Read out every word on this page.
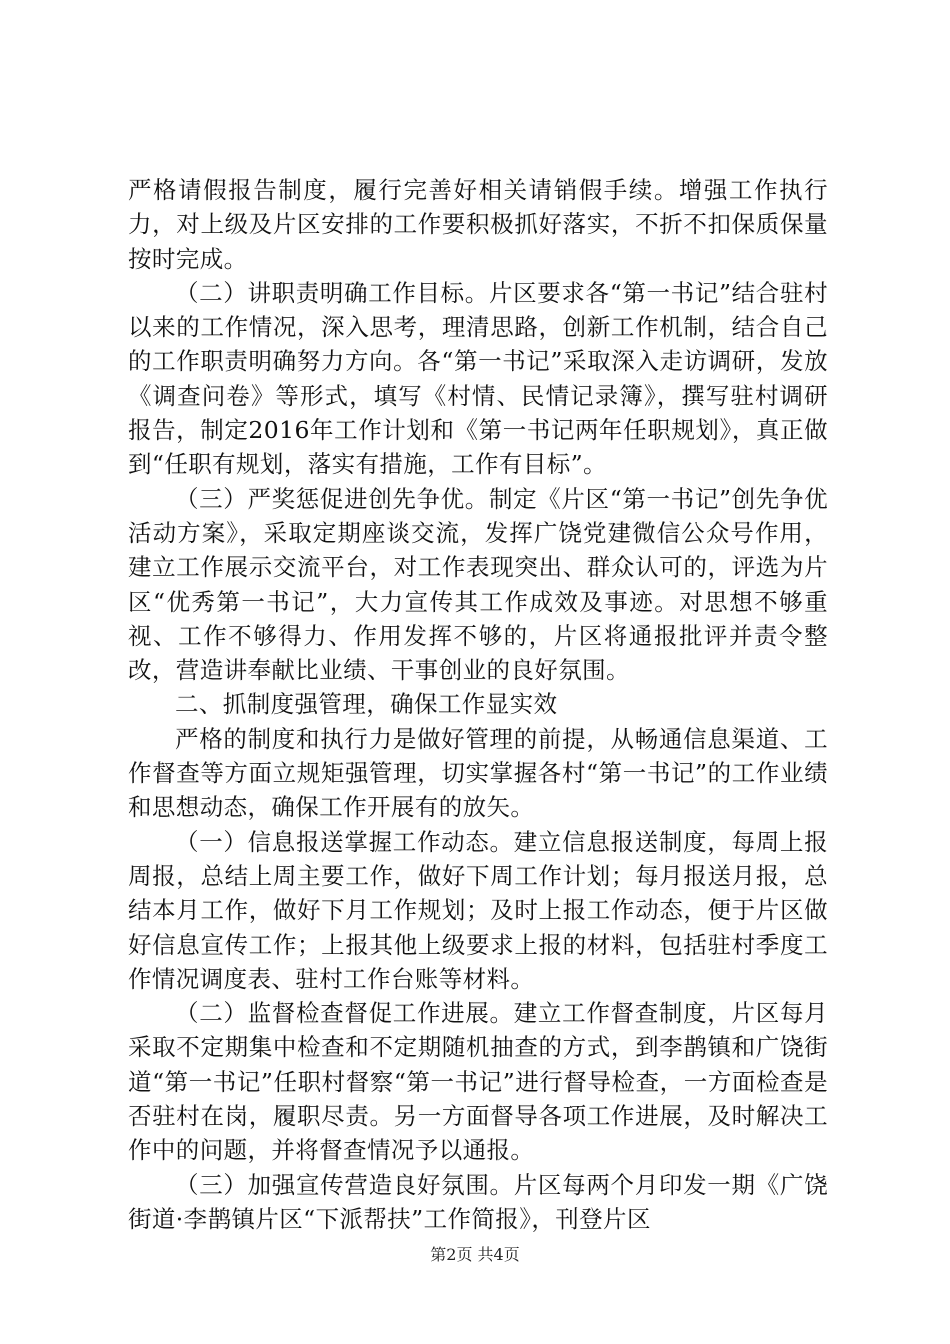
严格请假报告制度，履行完善好相关请销假手续。增强工作执行力，对上级及片区安排的工作要积极抓好落实，不折不扣保质保量按时完成。

（二）讲职责明确工作目标。片区要求各“第一书记”结合驻村以来的工作情况，深入思考，理清思路，创新工作机制，结合自己的工作职责明确努力方向。各“第一书记”采取深入走访调研，发放《调查问卷》等形式，填写《村情、民情记录簿》，撰写驻村调研报告，制定2016年工作计划和《第一书记两年任职规划》，真正做到“任职有规划，落实有措施，工作有目标”。

（三）严奖惩促进创先争优。制定《片区“第一书记”创先争优活动方案》，采取定期座谈交流，发挥广饶党建微信公众号作用，建立工作展示交流平台，对工作表现突出、群众认可的，评选为片区“优秀第一书记”，大力宣传其工作成效及事迹。对思想不够重视、工作不够得力、作用发挥不够的，片区将通报批评并责令整改，营造讲奉献比业绩、干事创业的良好氛围。

二、抓制度强管理，确保工作显实效

严格的制度和执行力是做好管理的前提，从畅通信息渠道、工作督查等方面立规矩强管理，切实掌握各村“第一书记”的工作业绩和思想动态，确保工作开展有的放矢。

（一）信息报送掌握工作动态。建立信息报送制度，每周上报周报，总结上周主要工作，做好下周工作计划；每月报送月报，总结本月工作，做好下月工作规划；及时上报工作动态，便于片区做好信息宣传工作；上报其他上级要求上报的材料，包括驻村季度工作情况调度表、驻村工作台账等材料。

（二）监督检查督促工作进展。建立工作督查制度，片区每月采取不定期集中检查和不定期随机抽查的方式，到李鹊镇和广饶街道“第一书记”任职村督察“第一书记”进行督导检查，一方面检查是否驻村在岗，履职尽责。另一方面督导各项工作进展，及时解决工作中的问题，并将督查情况予以通报。

（三）加强宣传营造良好氛围。片区每两个月印发一期《广饶街道·李鹊镇片区“下派帮扶”工作简报》，刊登片区

第2页 共4页
